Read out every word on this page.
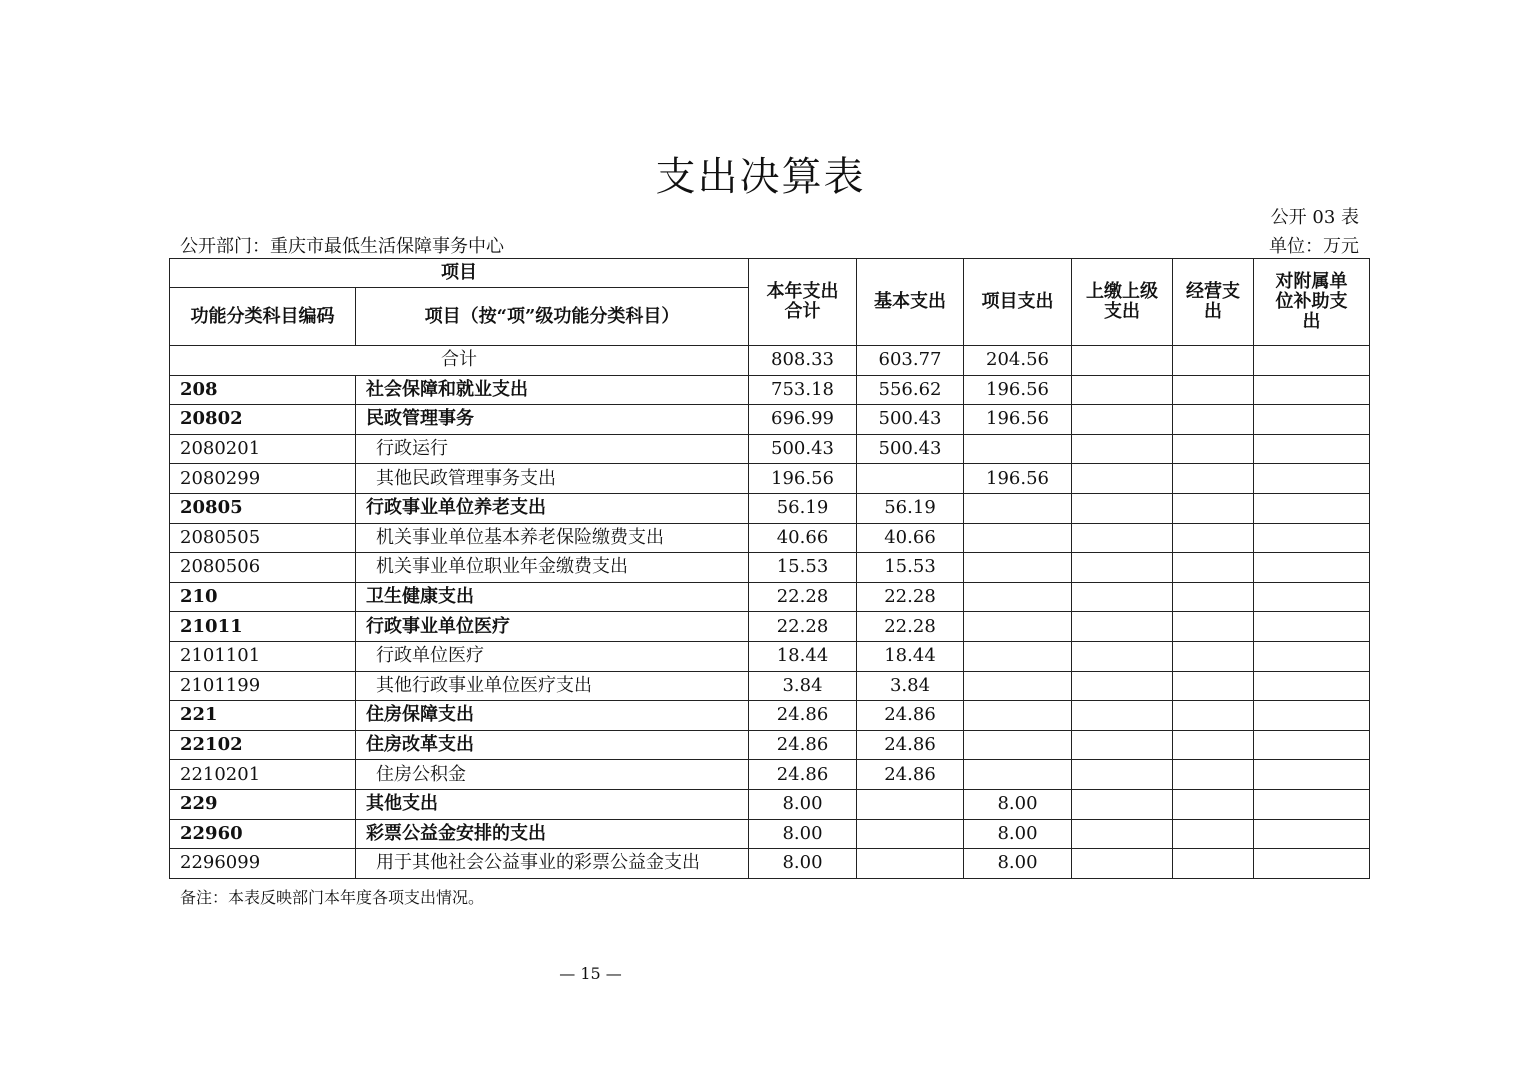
支出决算表
公开 03 表
公开部门：重庆市最低生活保障事务中心	单位：万元
项目		本年支出合计	基本支出	项目支出	上缴上级支出	经营支出	对附属单位补助支出
功能分类科目编码	项目（按“项”级功能分类科目）						
合计		808.33	603.77	204.56			
208	社会保障和就业支出	753.18	556.62	196.56			
20802	民政管理事务	696.99	500.43	196.56			
2080201	行政运行	500.43	500.43				
2080299	其他民政管理事务支出	196.56		196.56			
20805	行政事业单位养老支出	56.19	56.19				
2080505	机关事业单位基本养老保险缴费支出	40.66	40.66				
2080506	机关事业单位职业年金缴费支出	15.53	15.53				
210	卫生健康支出	22.28	22.28				
21011	行政事业单位医疗	22.28	22.28				
2101101	行政单位医疗	18.44	18.44				
2101199	其他行政事业单位医疗支出	3.84	3.84				
221	住房保障支出	24.86	24.86				
22102	住房改革支出	24.86	24.86				
2210201	住房公积金	24.86	24.86				
229	其他支出	8.00		8.00			
22960	彩票公益金安排的支出	8.00		8.00			
2296099	用于其他社会公益事业的彩票公益金支出	8.00		8.00			
备注：本表反映部门本年度各项支出情况。
— 15 —
